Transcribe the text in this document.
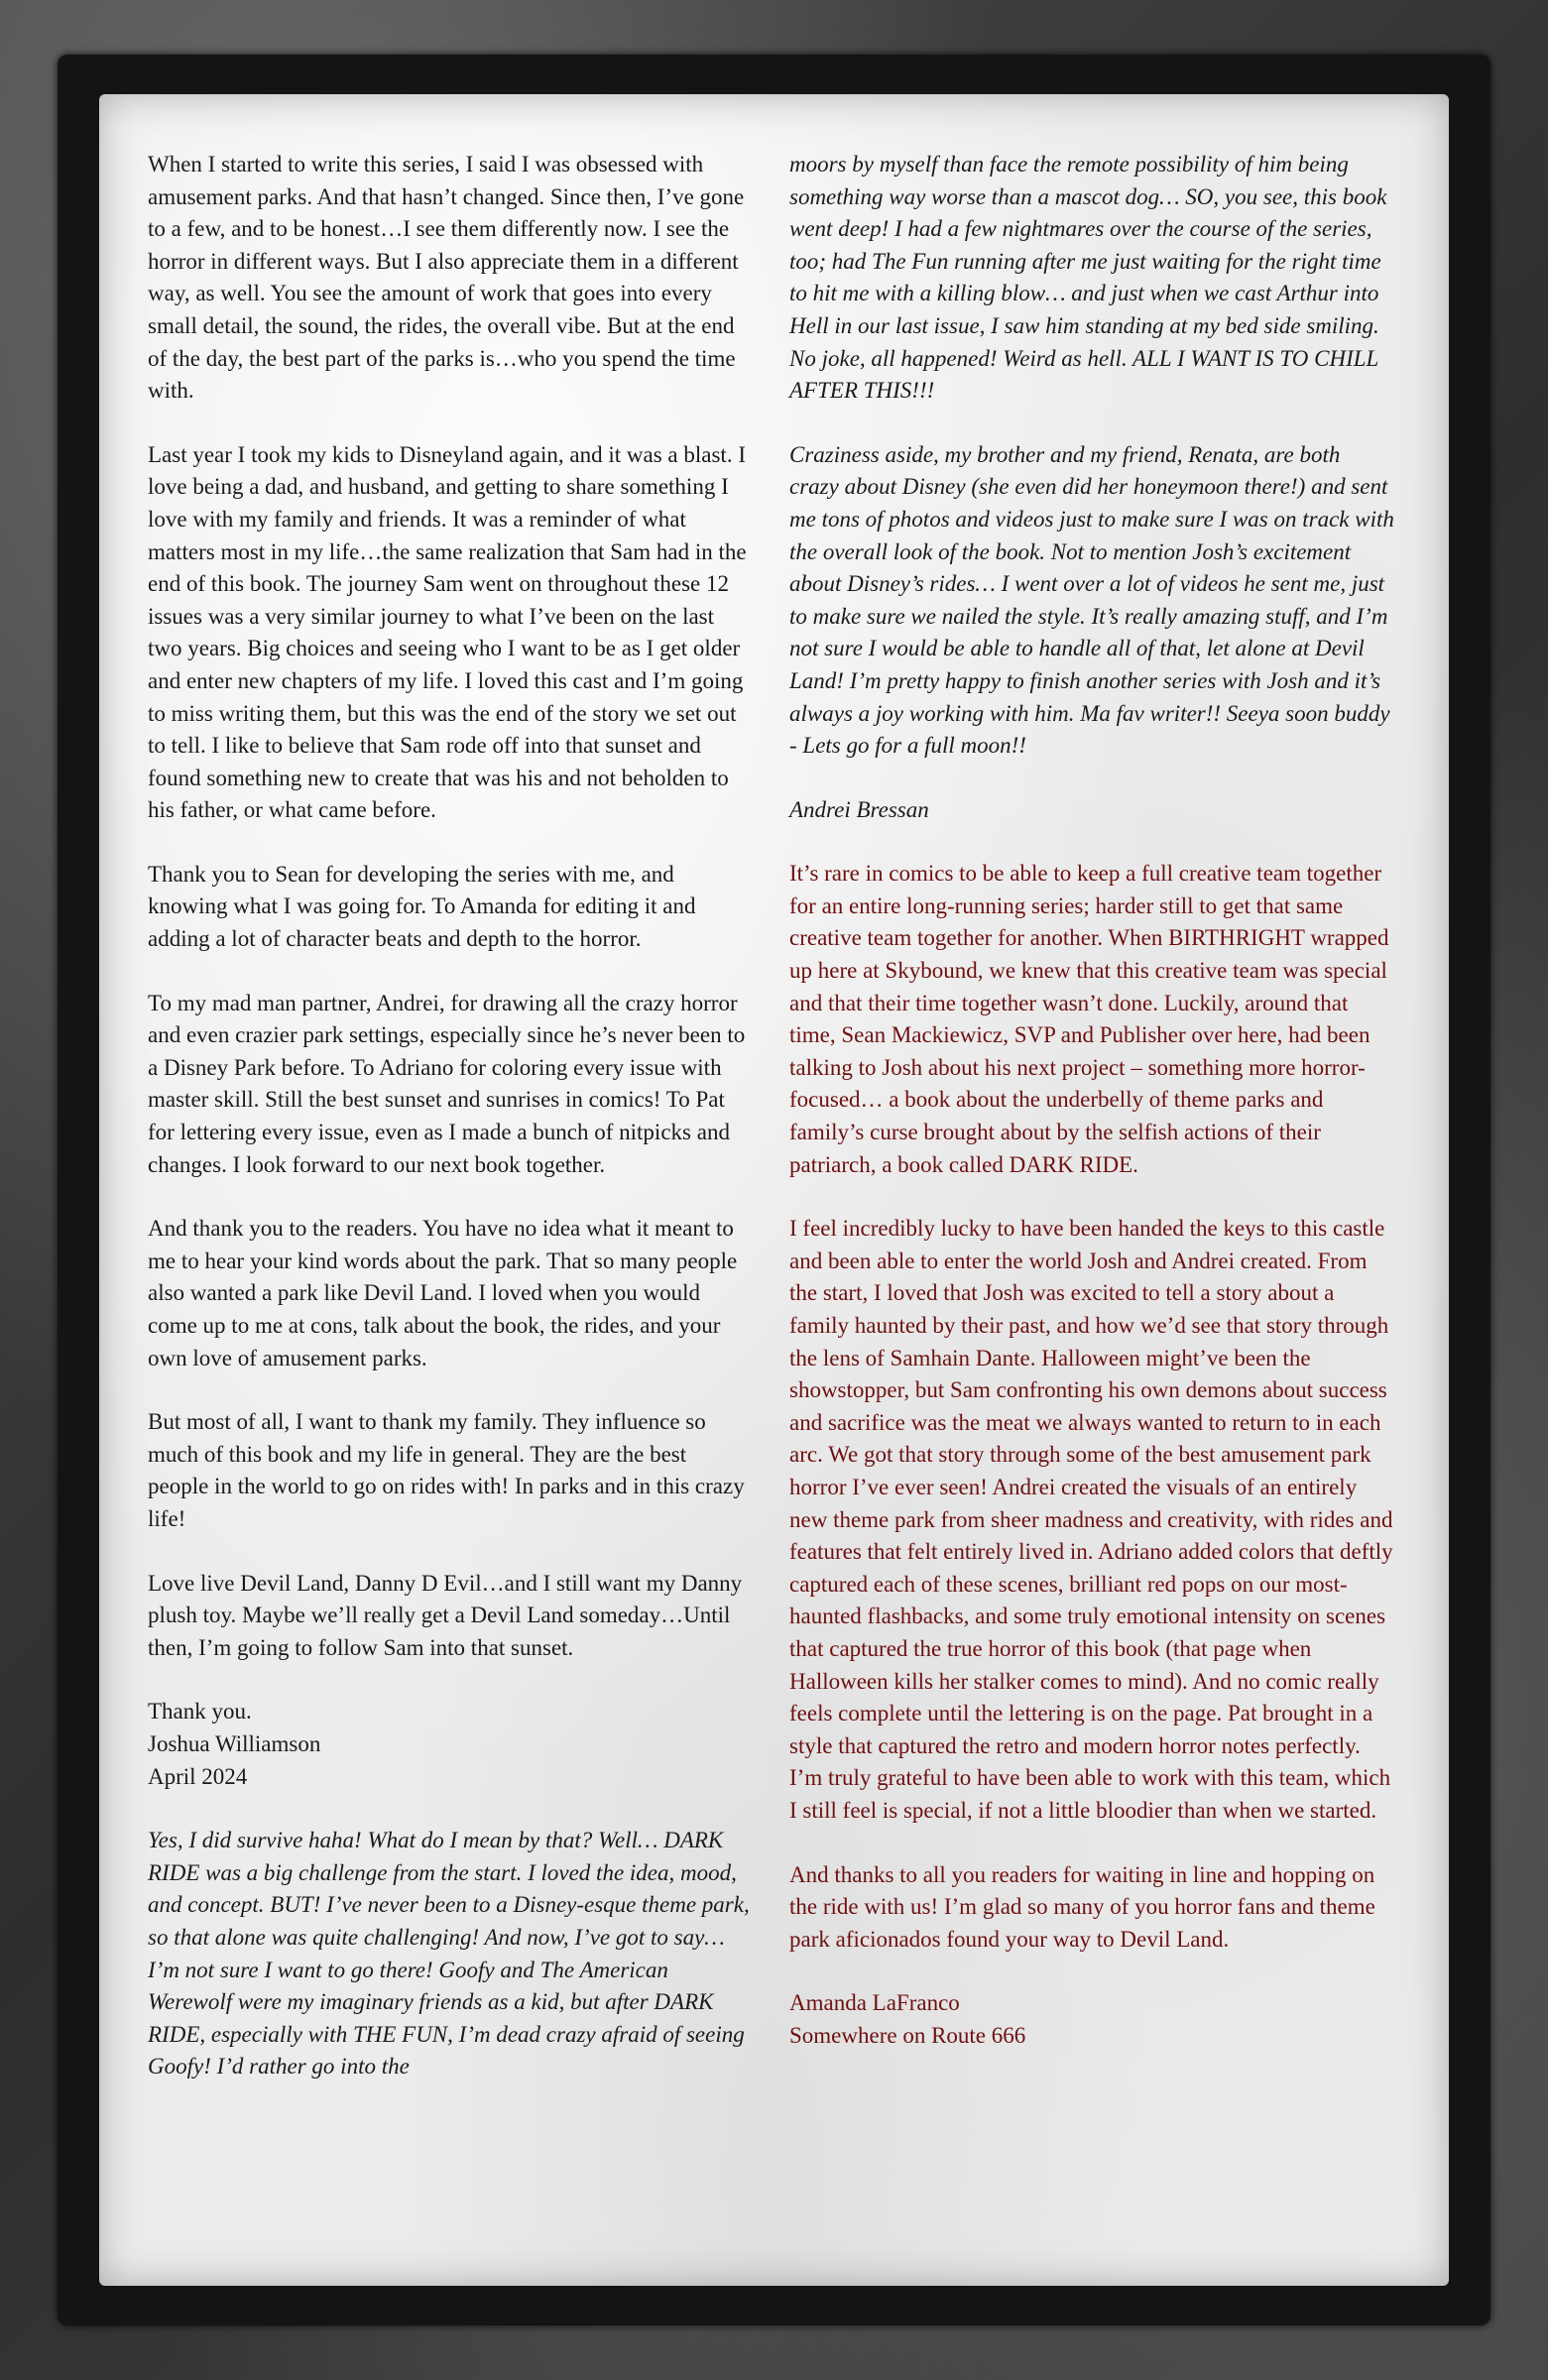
When I started to write this series, I said I was obsessed with amusement parks. And that hasn’t changed. Since then, I’ve gone to a few, and to be honest…I see them differently now. I see the horror in different ways. But I also appreciate them in a different way, as well. You see the amount of work that goes into every small detail, the sound, the rides, the overall vibe. But at the end of the day, the best part of the parks is…who you spend the time with.

Last year I took my kids to Disneyland again, and it was a blast. I love being a dad, and husband, and getting to share something I love with my family and friends. It was a reminder of what matters most in my life…the same realization that Sam had in the end of this book. The journey Sam went on throughout these 12 issues was a very similar journey to what I’ve been on the last two years. Big choices and seeing who I want to be as I get older and enter new chapters of my life. I loved this cast and I’m going to miss writing them, but this was the end of the story we set out to tell. I like to believe that Sam rode off into that sunset and found something new to create that was his and not beholden to his father, or what came before.

Thank you to Sean for developing the series with me, and knowing what I was going for. To Amanda for editing it and adding a lot of character beats and depth to the horror.

To my mad man partner, Andrei, for drawing all the crazy horror and even crazier park settings, especially since he’s never been to a Disney Park before. To Adriano for coloring every issue with master skill. Still the best sunset and sunrises in comics! To Pat for lettering every issue, even as I made a bunch of nitpicks and changes. I look forward to our next book together.

And thank you to the readers. You have no idea what it meant to me to hear your kind words about the park. That so many people also wanted a park like Devil Land. I loved when you would come up to me at cons, talk about the book, the rides, and your own love of amusement parks.

But most of all, I want to thank my family. They influence so much of this book and my life in general. They are the best people in the world to go on rides with! In parks and in this crazy life!

Love live Devil Land, Danny D Evil…and I still want my Danny plush toy. Maybe we’ll really get a Devil Land someday…Until then, I’m going to follow Sam into that sunset.

Thank you.

Joshua Williamson

April 2024

Yes, I did survive haha! What do I mean by that? Well… DARK RIDE was a big challenge from the start. I loved the idea, mood, and concept. BUT! I’ve never been to a Disney-esque theme park, so that alone was quite challenging! And now, I’ve got to say… I’m not sure I want to go there! Goofy and The American Werewolf were my imaginary friends as a kid, but after DARK RIDE, especially with THE FUN, I’m dead crazy afraid of seeing Goofy! I’d rather go into the

moors by myself than face the remote possibility of him being something way worse than a mascot dog… SO, you see, this book went deep! I had a few nightmares over the course of the series, too; had The Fun running after me just waiting for the right time to hit me with a killing blow… and just when we cast Arthur into Hell in our last issue, I saw him standing at my bed side smiling. No joke, all happened! Weird as hell. ALL I WANT IS TO CHILL AFTER THIS!!!

Craziness aside, my brother and my friend, Renata, are both crazy about Disney (she even did her honeymoon there!) and sent me tons of photos and videos just to make sure I was on track with the overall look of the book. Not to mention Josh’s excitement about Disney’s rides… I went over a lot of videos he sent me, just to make sure we nailed the style. It’s really amazing stuff, and I’m not sure I would be able to handle all of that, let alone at Devil Land! I’m pretty happy to finish another series with Josh and it’s always a joy working with him. Ma fav writer!! Seeya soon buddy - Lets go for a full moon!!

Andrei Bressan

It’s rare in comics to be able to keep a full creative team together for an entire long-running series; harder still to get that same creative team together for another. When BIRTHRIGHT wrapped up here at Skybound, we knew that this creative team was special and that their time together wasn’t done. Luckily, around that time, Sean Mackiewicz, SVP and Publisher over here, had been talking to Josh about his next project – something more horror-focused… a book about the underbelly of theme parks and family’s curse brought about by the selfish actions of their patriarch, a book called DARK RIDE.

I feel incredibly lucky to have been handed the keys to this castle and been able to enter the world Josh and Andrei created. From the start, I loved that Josh was excited to tell a story about a family haunted by their past, and how we’d see that story through the lens of Samhain Dante. Halloween might’ve been the showstopper, but Sam confronting his own demons about success and sacrifice was the meat we always wanted to return to in each arc. We got that story through some of the best amusement park horror I’ve ever seen! Andrei created the visuals of an entirely new theme park from sheer madness and creativity, with rides and features that felt entirely lived in. Adriano added colors that deftly captured each of these scenes, brilliant red pops on our most-haunted flashbacks, and some truly emotional intensity on scenes that captured the true horror of this book (that page when Halloween kills her stalker comes to mind). And no comic really feels complete until the lettering is on the page. Pat brought in a style that captured the retro and modern horror notes perfectly. I’m truly grateful to have been able to work with this team, which I still feel is special, if not a little bloodier than when we started.

And thanks to all you readers for waiting in line and hopping on the ride with us! I’m glad so many of you horror fans and theme park aficionados found your way to Devil Land.

Amanda LaFranco

Somewhere on Route 666
